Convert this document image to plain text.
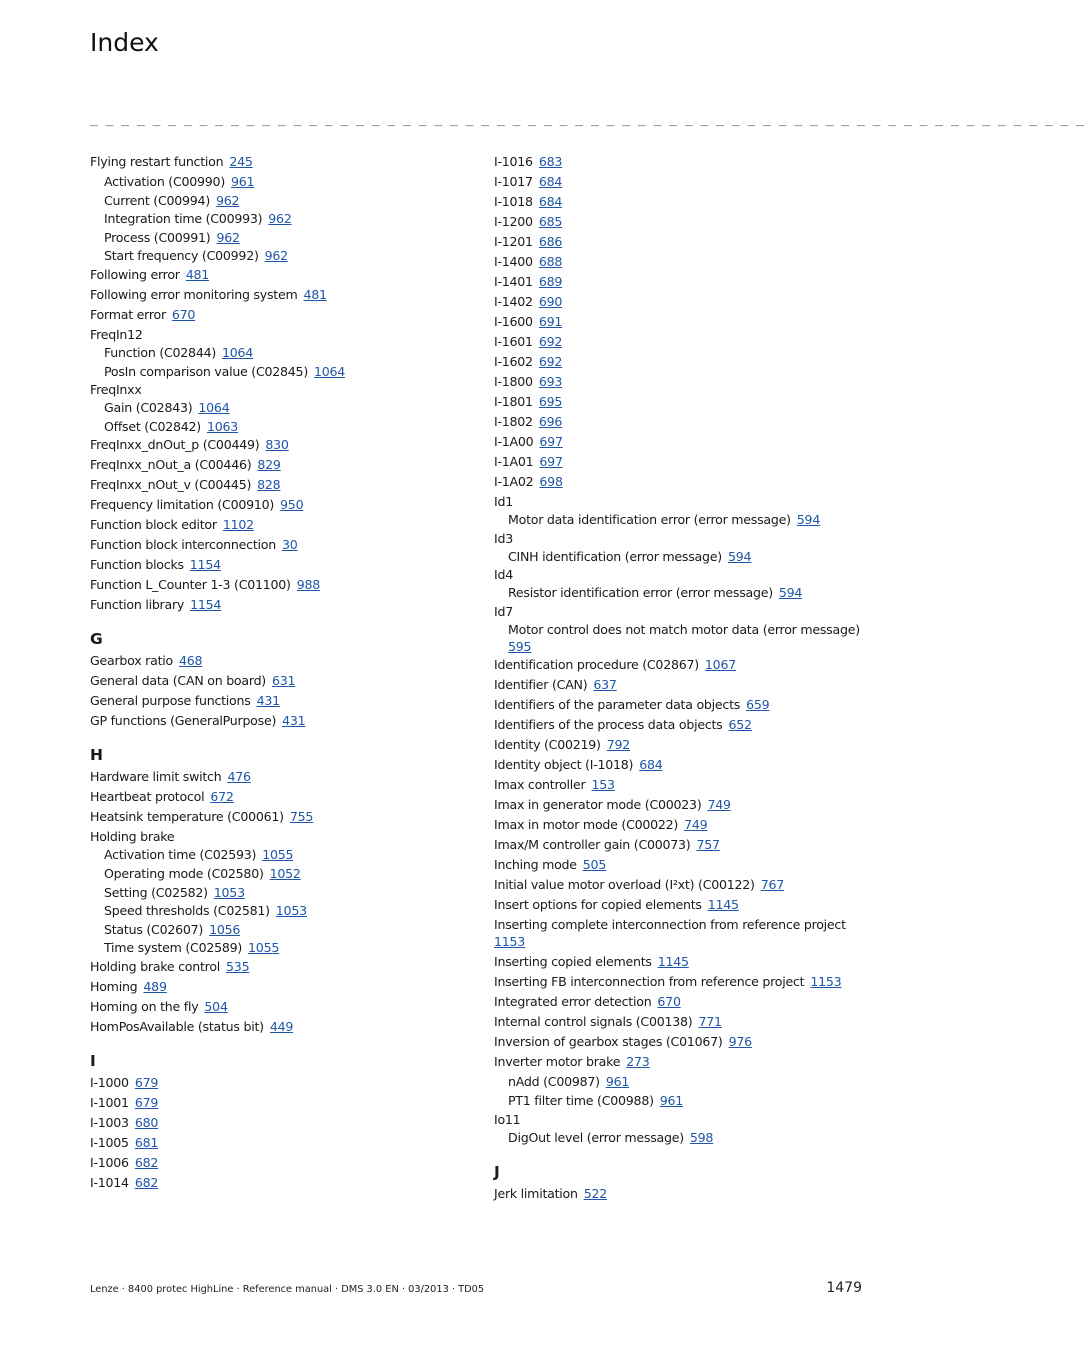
Index
_ _ _ _ _ _ _ _ _ _ _ _ _ _ _ _ _ _ _ _ _ _ _ _ _ _ _ _ _ _ _ _ _ _ _ _ _ _ _ _ _ _ _ _ _ _ _ _ _ _ _ _ _ _ _ _ _ _ _ _ _ _ _ _
Flying restart function 245
Activation (C00990) 961
Current (C00994) 962
Integration time (C00993) 962
Process (C00991) 962
Start frequency (C00992) 962
Following error 481
Following error monitoring system 481
Format error 670
FreqIn12
Function (C02844) 1064
PosIn comparison value (C02845) 1064
FreqInxx
Gain (C02843) 1064
Offset (C02842) 1063
FreqInxx_dnOut_p (C00449) 830
FreqInxx_nOut_a (C00446) 829
FreqInxx_nOut_v (C00445) 828
Frequency limitation (C00910) 950
Function block editor 1102
Function block interconnection 30
Function blocks 1154
Function L_Counter 1-3 (C01100) 988
Function library 1154
G
Gearbox ratio 468
General data (CAN on board) 631
General purpose functions 431
GP functions (GeneralPurpose) 431
H
Hardware limit switch 476
Heartbeat protocol 672
Heatsink temperature (C00061) 755
Holding brake
Activation time (C02593) 1055
Operating mode (C02580) 1052
Setting (C02582) 1053
Speed thresholds (C02581) 1053
Status (C02607) 1056
Time system (C02589) 1055
Holding brake control 535
Homing 489
Homing on the fly 504
HomPosAvailable (status bit) 449
I
I-1000 679
I-1001 679
I-1003 680
I-1005 681
I-1006 682
I-1014 682
I-1016 683
I-1017 684
I-1018 684
I-1200 685
I-1201 686
I-1400 688
I-1401 689
I-1402 690
I-1600 691
I-1601 692
I-1602 692
I-1800 693
I-1801 695
I-1802 696
I-1A00 697
I-1A01 697
I-1A02 698
Id1
Motor data identification error (error message) 594
Id3
CINH identification (error message) 594
Id4
Resistor identification error (error message) 594
Id7
Motor control does not match motor data (error message)
595
Identification procedure (C02867) 1067
Identifier (CAN) 637
Identifiers of the parameter data objects 659
Identifiers of the process data objects 652
Identity (C00219) 792
Identity object (I-1018) 684
Imax controller 153
Imax in generator mode (C00023) 749
Imax in motor mode (C00022) 749
Imax/M controller gain (C00073) 757
Inching mode 505
Initial value motor overload (I²xt) (C00122) 767
Insert options for copied elements 1145
Inserting complete interconnection from reference project
1153
Inserting copied elements 1145
Inserting FB interconnection from reference project 1153
Integrated error detection 670
Internal control signals (C00138) 771
Inversion of gearbox stages (C01067) 976
Inverter motor brake 273
nAdd (C00987) 961
PT1 filter time (C00988) 961
Io11
DigOut level (error message) 598
J
Jerk limitation 522
Lenze · 8400 protec HighLine · Reference manual · DMS 3.0 EN · 03/2013 · TD05	1479
